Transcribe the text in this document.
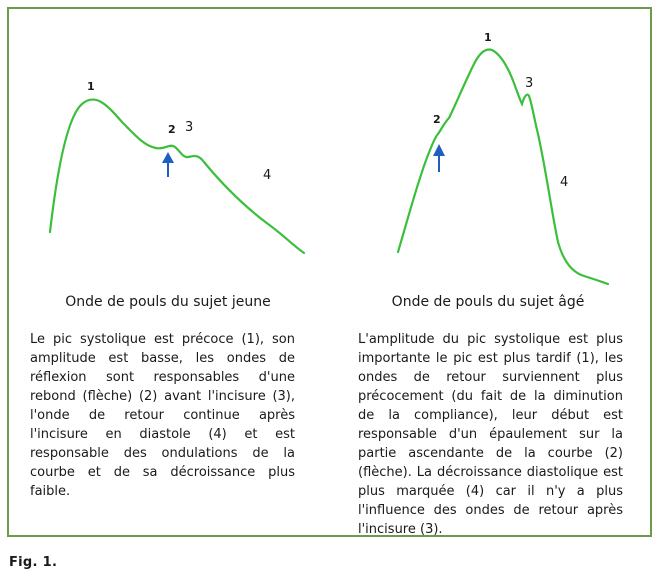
1
2 3
4
1
2
3
4
Onde de pouls du sujet jeune	Onde de pouls du sujet âgé
Le pic systolique est précoce (1), son amplitude est basse, les ondes de réflexion sont responsables d'une rebond (flèche) (2) avant l'incisure (3), l'onde de retour continue après l'incisure en diastole (4) et est responsable des ondulations de la courbe et de sa décroissance plus faible.
L'amplitude du pic systolique est plus importante le pic est plus tardif (1), les ondes de retour surviennent plus précocement (du fait de la diminution de la compliance), leur début est responsable d'un épaulement sur la partie ascendante de la courbe (2) (flèche). La décroissance diastolique est plus marquée (4) car il n'y a plus l'influence des ondes de retour après l'incisure (3).
Fig. 1.
